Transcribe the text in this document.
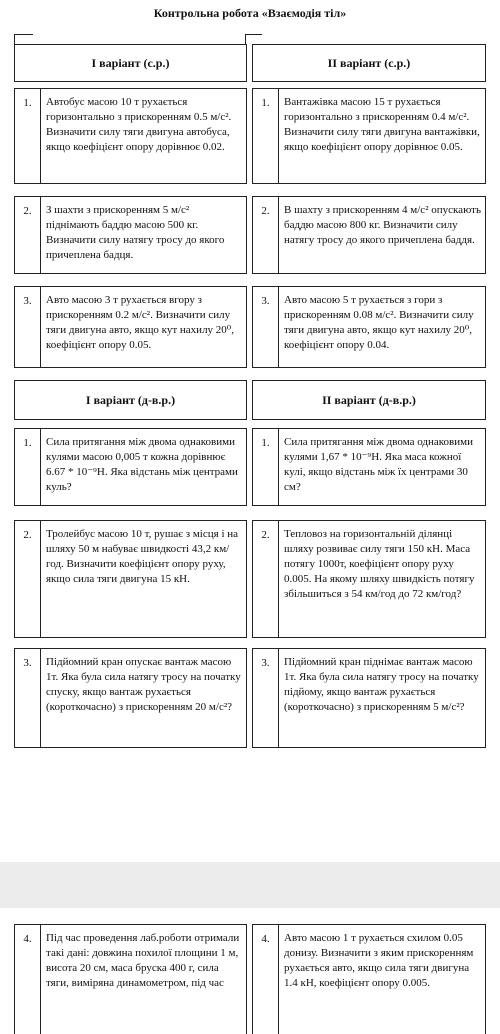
Контрольна робота «Взаємодія тіл»
І варіант (с.р.)
1.	Автобус масою 10 т рухається горизонтально з прискоренням 0.5 м/с². Визначити силу тяги двигуна автобуса, якщо коефіцієнт опору дорівнює 0.02.
2.	З шахти з прискоренням 5 м/с² піднімають баддю масою 500 кг. Визначити силу натягу тросу до якого причеплена бадця.
3.	Авто масою 3 т рухається вгору з прискоренням 0.2 м/с². Визначити силу тяги двигуна авто, якщо кут нахилу 20⁰, коефіцієнт опору 0.05.
ІІ варіант (с.р.)
1.	Вантажівка масою 15 т рухається горизонтально з прискоренням 0.4 м/с². Визначити силу тяги двигуна вантажівки, якщо коефіцієнт опору дорівнює 0.05.
2.	В шахту з прискоренням 4 м/с² опускають баддю масою 800 кг. Визначити силу натягу тросу до якого причеплена баддя.
3.	Авто масою 5 т рухається з гори з прискоренням 0.08 м/с². Визначити силу тяги двигуна авто, якщо кут нахилу 20⁰, коефіцієнт опору 0.04.
І варіант (д-в.р.)
1.	Сила притягання між двома однаковими кулями масою 0,005 т кожна дорівнює 6.67 * 10⁻⁹Н. Яка відстань між центрами куль?
2.	Тролейбус масою 10 т, рушає з місця і на шляху 50 м набуває швидкості 43,2 км/год. Визначити коефіцієнт опору руху, якщо сила тяги двигуна 15 кН.
3.	Підйомний кран опускає вантаж масою 1т. Яка була сила натягу тросу на початку спуску, якщо вантаж рухається (короткочасно) з прискоренням 20 м/с²?
ІІ варіант (д-в.р.)
1.	Сила притягання між двома однаковими кулями 1,67 * 10⁻⁹Н. Яка маса кожної кулі, якщо відстань між їх центрами 30 см?
2.	Тепловоз на горизонтальній ділянці шляху розвиває силу тяги 150 кН. Маса потягу 1000т, коефіцієнт опору руху 0.005. На якому шляху швидкість потягу збільшиться з 54 км/год до 72 км/год?
3.	Підйомний кран піднімає вантаж масою 1т. Яка була сила натягу тросу на початку підйому, якщо вантаж рухається (короткочасно) з прискоренням 5 м/с²?
4.	Під час проведення лаб.роботи отримали такі дані: довжина похилої площини 1 м, висота 20 см, маса бруска 400 г, сила тяги, виміряна динамометром, під час
4.	Авто масою 1 т рухається схилом 0.05 донизу. Визначити з яким прискоренням рухається авто, якщо сила тяги двигуна 1.4 кН, коефіцієнт опору 0.005.
